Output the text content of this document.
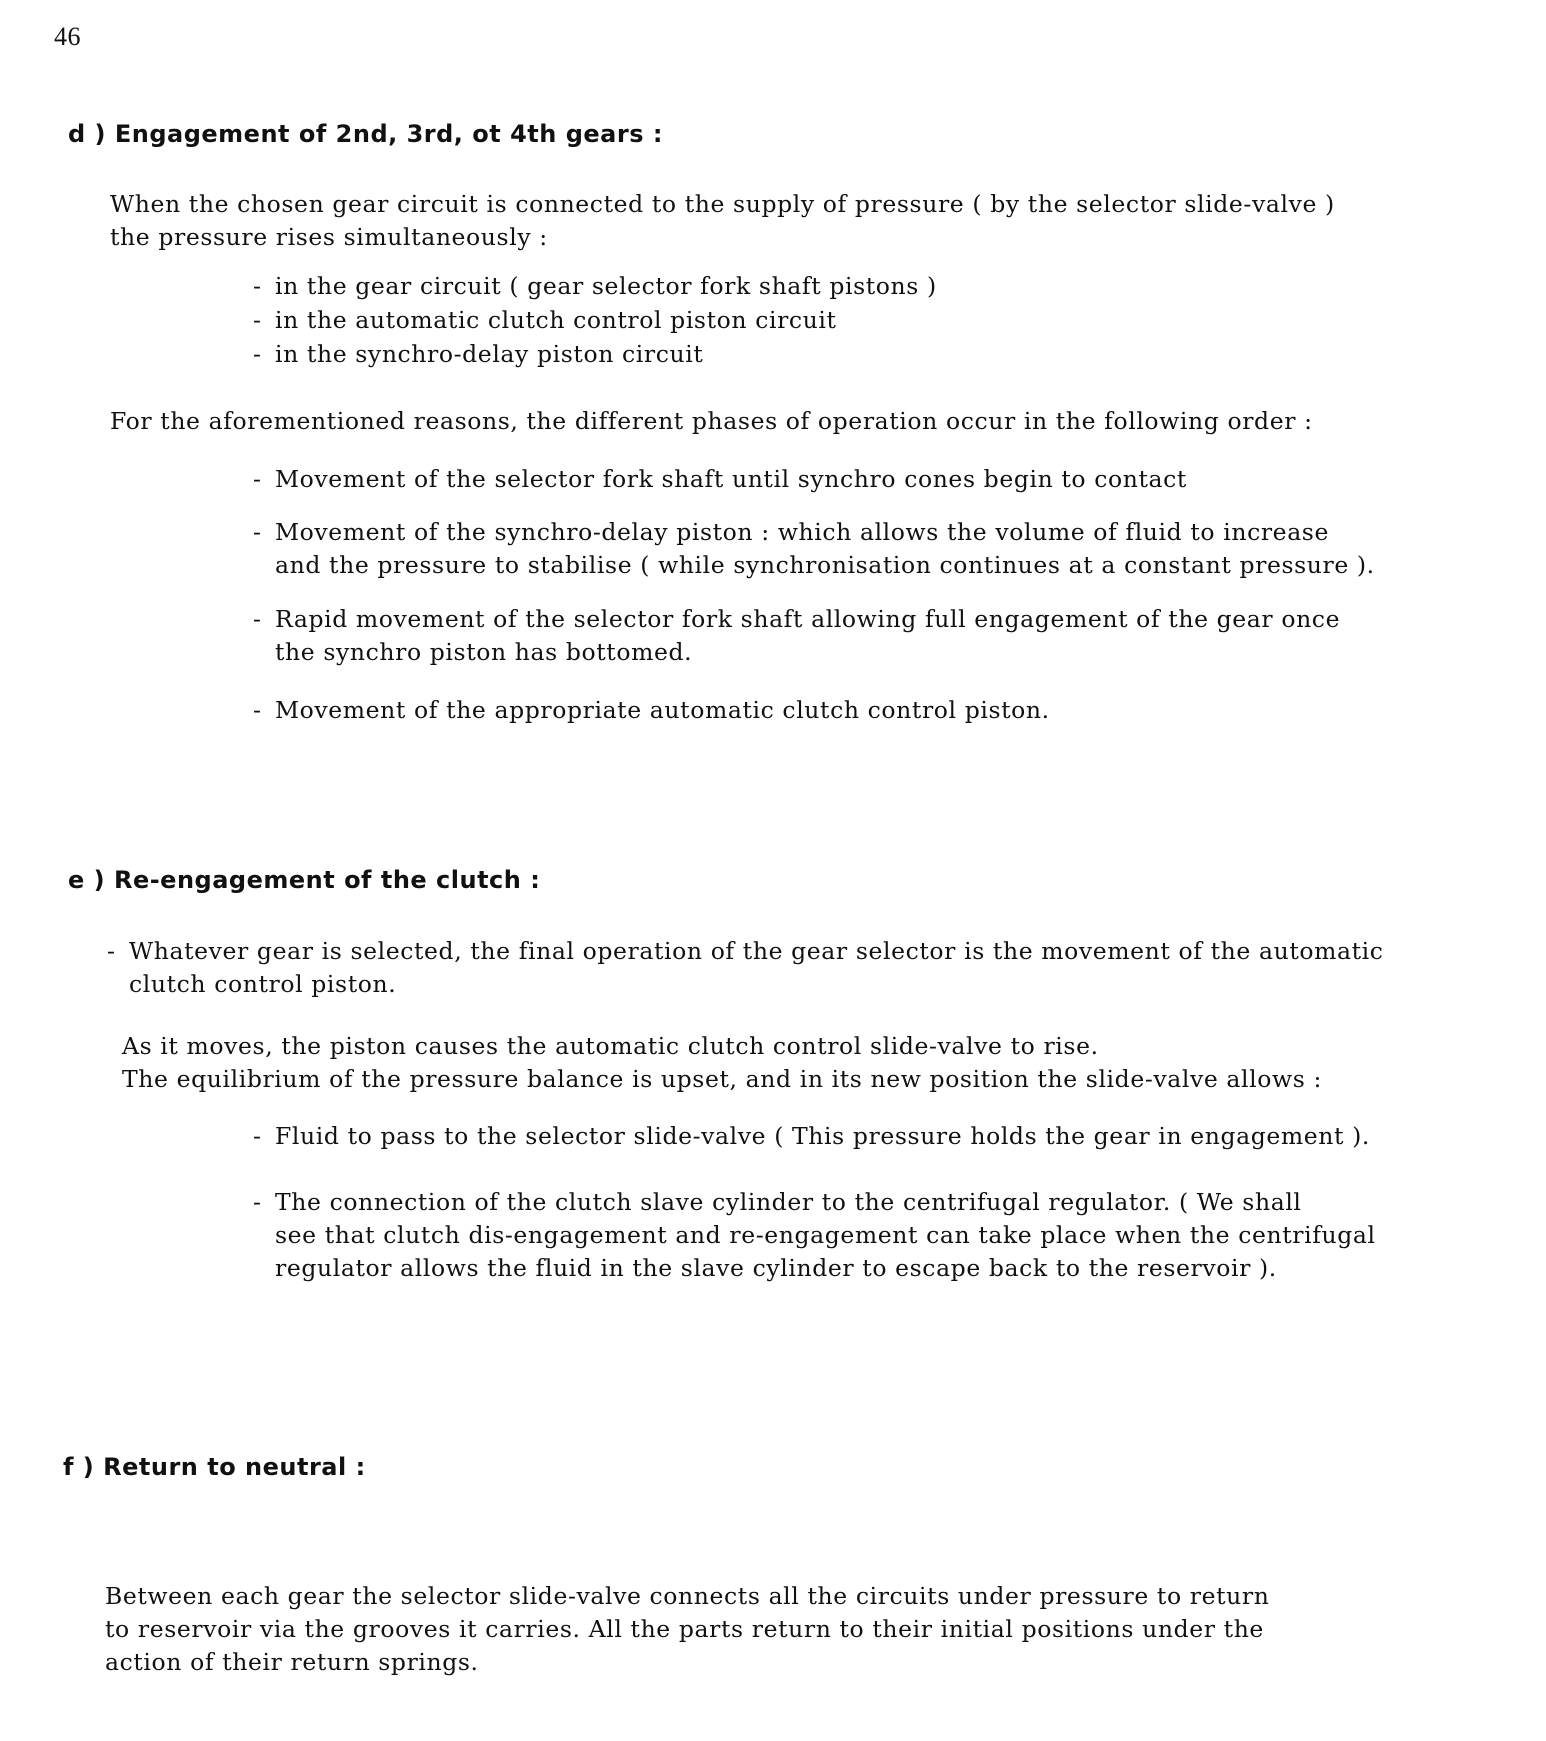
46
d ) Engagement of 2nd, 3rd, ot 4th gears :
When the chosen gear circuit is connected to the supply of pressure ( by the selector slide-valve )
the pressure rises simultaneously :
- in the gear circuit ( gear selector fork shaft pistons )
- in the automatic clutch control piston circuit
- in the synchro-delay piston circuit
For the aforementioned reasons, the different phases of operation occur in the following order :
- Movement of the selector fork shaft until synchro cones begin to contact
- Movement of the synchro-delay piston : which allows the volume of fluid to increase
and the pressure to stabilise ( while synchronisation continues at a constant pressure ).
- Rapid movement of the selector fork shaft allowing full engagement of the gear once
the synchro piston has bottomed.
- Movement of the appropriate automatic clutch control piston.
e ) Re-engagement of the clutch :
- Whatever gear is selected, the final operation of the gear selector is the movement of the automatic
clutch control piston.
As it moves, the piston causes the automatic clutch control slide-valve to rise.
The equilibrium of the pressure balance is upset, and in its new position the slide-valve allows :
- Fluid to pass to the selector slide-valve ( This pressure holds the gear in engagement ).
- The connection of the clutch slave cylinder to the centrifugal regulator. ( We shall
see that clutch dis-engagement and re-engagement can take place when the centrifugal
regulator allows the fluid in the slave cylinder to escape back to the reservoir ).
f ) Return to neutral :
Between each gear the selector slide-valve connects all the circuits under pressure to return
to reservoir via the grooves it carries. All the parts return to their initial positions under the
action of their return springs.
